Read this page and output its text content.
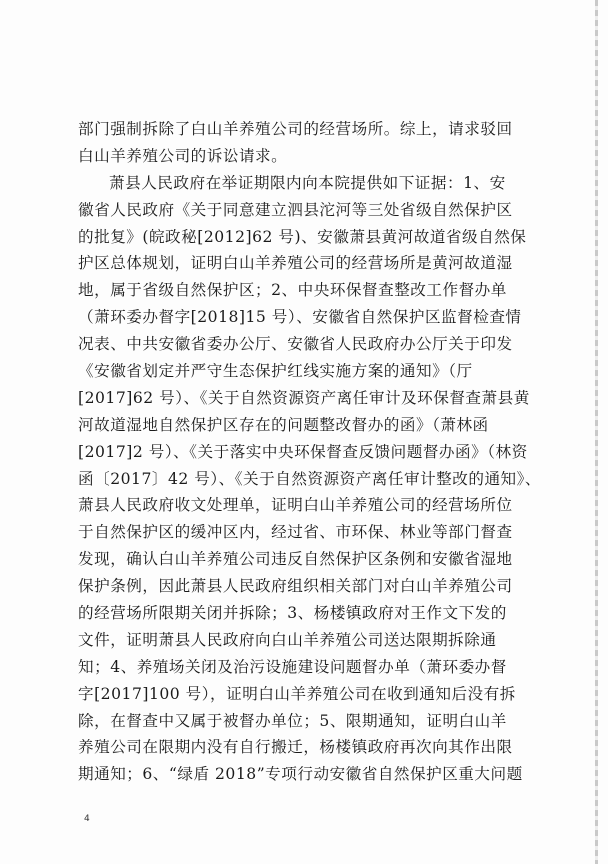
部门强制拆除了白山羊养殖公司的经营场所。综上，请求驳回
白山羊养殖公司的诉讼请求。
萧县人民政府在举证期限内向本院提供如下证据：1、安
徽省人民政府《关于同意建立泗县沱河等三处省级自然保护区
的批复》(皖政秘[2012]62 号)、安徽萧县黄河故道省级自然保
护区总体规划，证明白山羊养殖公司的经营场所是黄河故道湿
地，属于省级自然保护区；2、中央环保督查整改工作督办单
（萧环委办督字[2018]15 号）、安徽省自然保护区监督检查情
况表、中共安徽省委办公厅、安徽省人民政府办公厅关于印发
《安徽省划定并严守生态保护红线实施方案的通知》（厅
[2017]62 号）、《关于自然资源资产离任审计及环保督查萧县黄
河故道湿地自然保护区存在的问题整改督办的函》（萧林函
[2017]2 号）、《关于落实中央环保督查反馈问题督办函》（林资
函〔2017〕42 号）、《关于自然资源资产离任审计整改的通知》、
萧县人民政府收文处理单，证明白山羊养殖公司的经营场所位
于自然保护区的缓冲区内，经过省、市环保、林业等部门督查
发现，确认白山羊养殖公司违反自然保护区条例和安徽省湿地
保护条例，因此萧县人民政府组织相关部门对白山羊养殖公司
的经营场所限期关闭并拆除；3、杨楼镇政府对王作文下发的
文件，证明萧县人民政府向白山羊养殖公司送达限期拆除通
知；4、养殖场关闭及治污设施建设问题督办单（萧环委办督
字[2017]100 号），证明白山羊养殖公司在收到通知后没有拆
除，在督查中又属于被督办单位；5、限期通知，证明白山羊
养殖公司在限期内没有自行搬迁，杨楼镇政府再次向其作出限
期通知；6、“绿盾 2018”专项行动安徽省自然保护区重大问题
4
